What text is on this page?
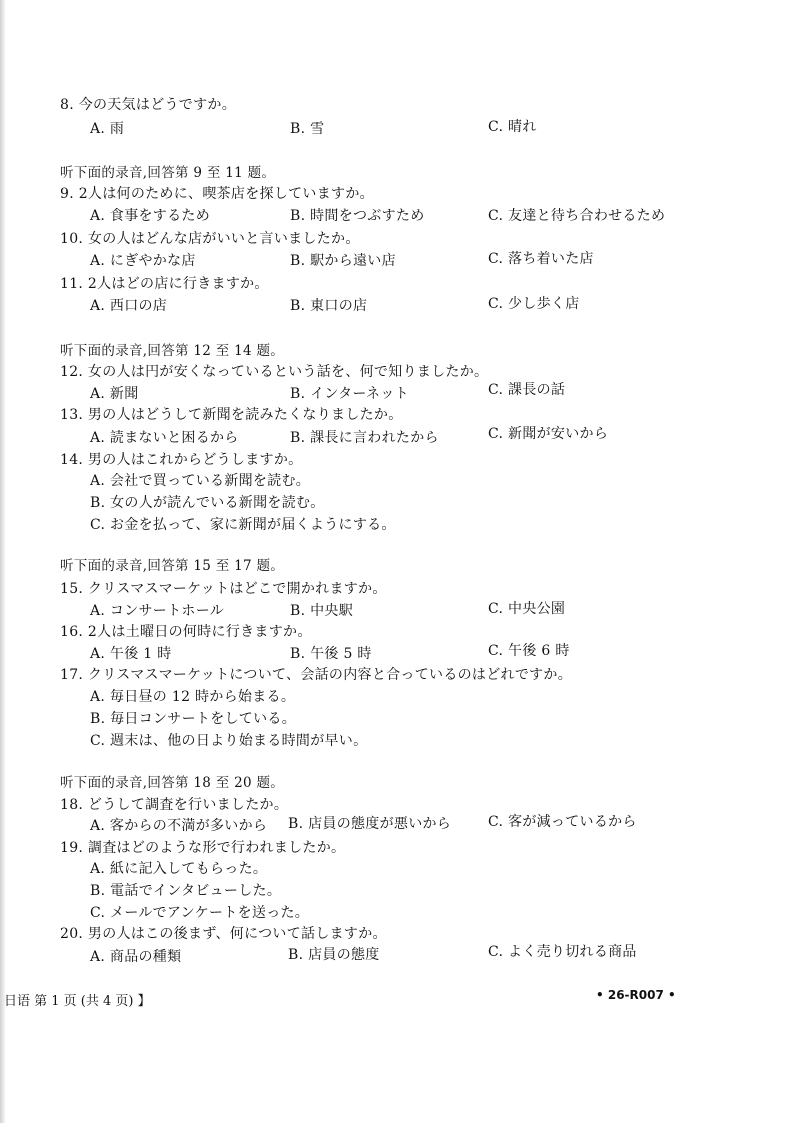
8. 今の天気はどうですか。
A. 雨	B. 雪	C. 晴れ
听下面的录音,回答第 9 至 11 题。
9. 2人は何のために、喫茶店を探していますか。
A. 食事をするため	B. 時間をつぶすため	C. 友達と待ち合わせるため
10. 女の人はどんな店がいいと言いましたか。
A. にぎやかな店	B. 駅から遠い店	C. 落ち着いた店
11. 2人はどの店に行きますか。
A. 西口の店	B. 東口の店	C. 少し歩く店
听下面的录音,回答第 12 至 14 题。
12. 女の人は円が安くなっているという話を、何で知りましたか。
A. 新聞	B. インターネット	C. 課長の話
13. 男の人はどうして新聞を読みたくなりましたか。
A. 読まないと困るから	B. 課長に言われたから	C. 新聞が安いから
14. 男の人はこれからどうしますか。
A. 会社で買っている新聞を読む。
B. 女の人が読んでいる新聞を読む。
C. お金を払って、家に新聞が届くようにする。
听下面的录音,回答第 15 至 17 题。
15. クリスマスマーケットはどこで開かれますか。
A. コンサートホール	B. 中央駅	C. 中央公園
16. 2人は土曜日の何時に行きますか。
A. 午後 1 時	B. 午後 5 時	C. 午後 6 時
17. クリスマスマーケットについて、会話の内容と合っているのはどれですか。
A. 毎日昼の 12 時から始まる。
B. 毎日コンサートをしている。
C. 週末は、他の日より始まる時間が早い。
听下面的录音,回答第 18 至 20 题。
18. どうして調査を行いましたか。
A. 客からの不満が多いから B. 店員の態度が悪いから	C. 客が減っているから
19. 調査はどのような形で行われましたか。
A. 紙に記入してもらった。
B. 電話でインタビューした。
C. メールでアンケートを送った。
20. 男の人はこの後まず、何について話しますか。
A. 商品の種類	B. 店員の態度	C. よく売り切れる商品
日语 第 1 页 (共 4 页) 】	• 26-R007 •
